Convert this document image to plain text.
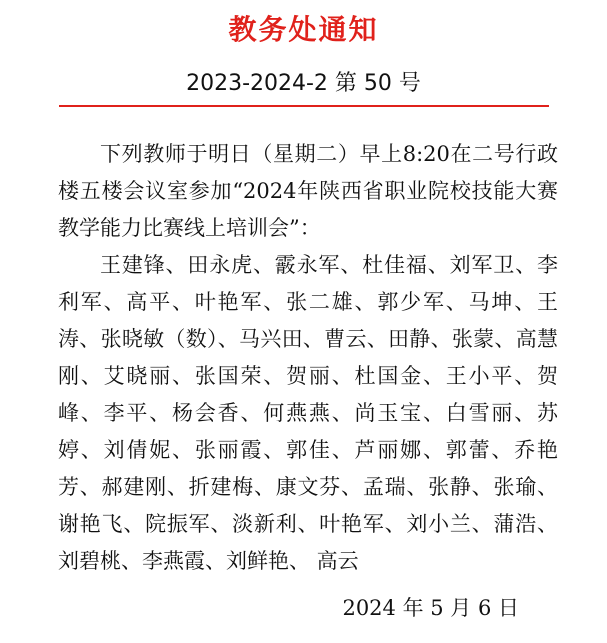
教务处通知
2023-2024-2 第 50 号

下列教师于明日（星期二）早上8:20在二号行政楼五楼会议室参加“2024年陕西省职业院校技能大赛教学能力比赛线上培训会”：

王建锋、田永虎、霰永军、杜佳福、刘军卫、李利军、高平、叶艳军、张二雄、郭少军、马坤、王涛、张晓敏（数）、马兴田、曹云、田静、张蒙、高慧刚、艾晓丽、张国荣、贺丽、杜国金、王小平、贺峰、李平、杨会香、何燕燕、尚玉宝、白雪丽、苏婷、刘倩妮、张丽霞、郭佳、芦丽娜、郭蕾、乔艳芳、郝建刚、折建梅、康文芬、孟瑞、张静、张瑜、谢艳飞、院振军、淡新利、叶艳军、刘小兰、蒲浩、刘碧桃、李燕霞、刘鲜艳、 高云

2024 年 5 月 6 日
